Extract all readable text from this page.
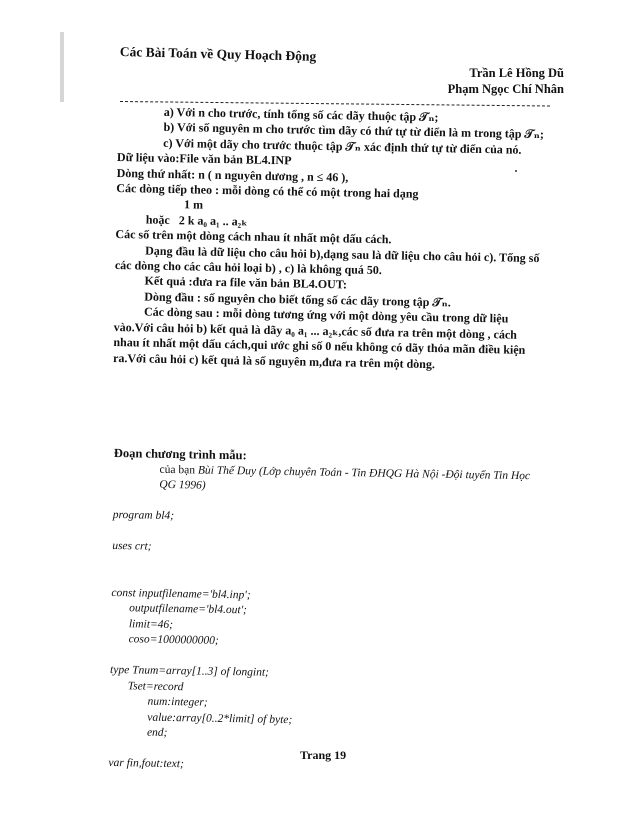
Các Bài Toán về Quy Hoạch Động
Trần Lê Hồng Dũ
Phạm Ngọc Chí Nhân

a) Với n cho trước, tính tổng số các dãy thuộc tập 𝒯ₙ;

b) Với số nguyên m cho trước tìm dãy có thứ tự từ điển là m trong tập 𝒯ₙ;

c) Với một dãy cho trước thuộc tập 𝒯ₙ xác định thứ tự từ điển của nó.

Dữ liệu vào:File văn bản BL4.INP

Dòng thứ nhất: n ( n nguyên dương , n ≤ 46 ),

Các dòng tiếp theo : mỗi dòng có thể có một trong hai dạng

1 m

hoặc 2 k a₀ a₁ .. a₂ₖ

Các số trên một dòng cách nhau ít nhất một dấu cách.

Dạng đầu là dữ liệu cho câu hỏi b),dạng sau là dữ liệu cho câu hỏi c). Tổng số các dòng cho các câu hỏi loại b) , c) là không quá 50.

Kết quả :đưa ra file văn bản BL4.OUT:

Dòng đầu : số nguyên cho biết tổng số các dãy trong tập 𝒯ₙ.

Các dòng sau : mỗi dòng tương ứng với một dòng yêu cầu trong dữ liệu vào.Với câu hỏi b) kết quả là dãy a₀ a₁ ... a₂ₖ,các số đưa ra trên một dòng , cách nhau ít nhất một dấu cách,qui ước ghi số 0 nếu không có dãy thỏa mãn điều kiện ra.Với câu hỏi c) kết quả là số nguyên m,đưa ra trên một dòng.

Đoạn chương trình mẫu:

của bạn Bùi Thế Duy (Lớp chuyên Toán - Tin ĐHQG Hà Nội -Đội tuyển Tin Học QG 1996)

program bl4;

uses crt;

const inputfilename='bl4.inp';

outputfilename='bl4.out';

limit=46;

coso=1000000000;

type Tnum=array[1..3] of longint;

Tset=record

num:integer;

value:array[0..2*limit] of byte;

end;

var fin,fout:text;

Trang 19
